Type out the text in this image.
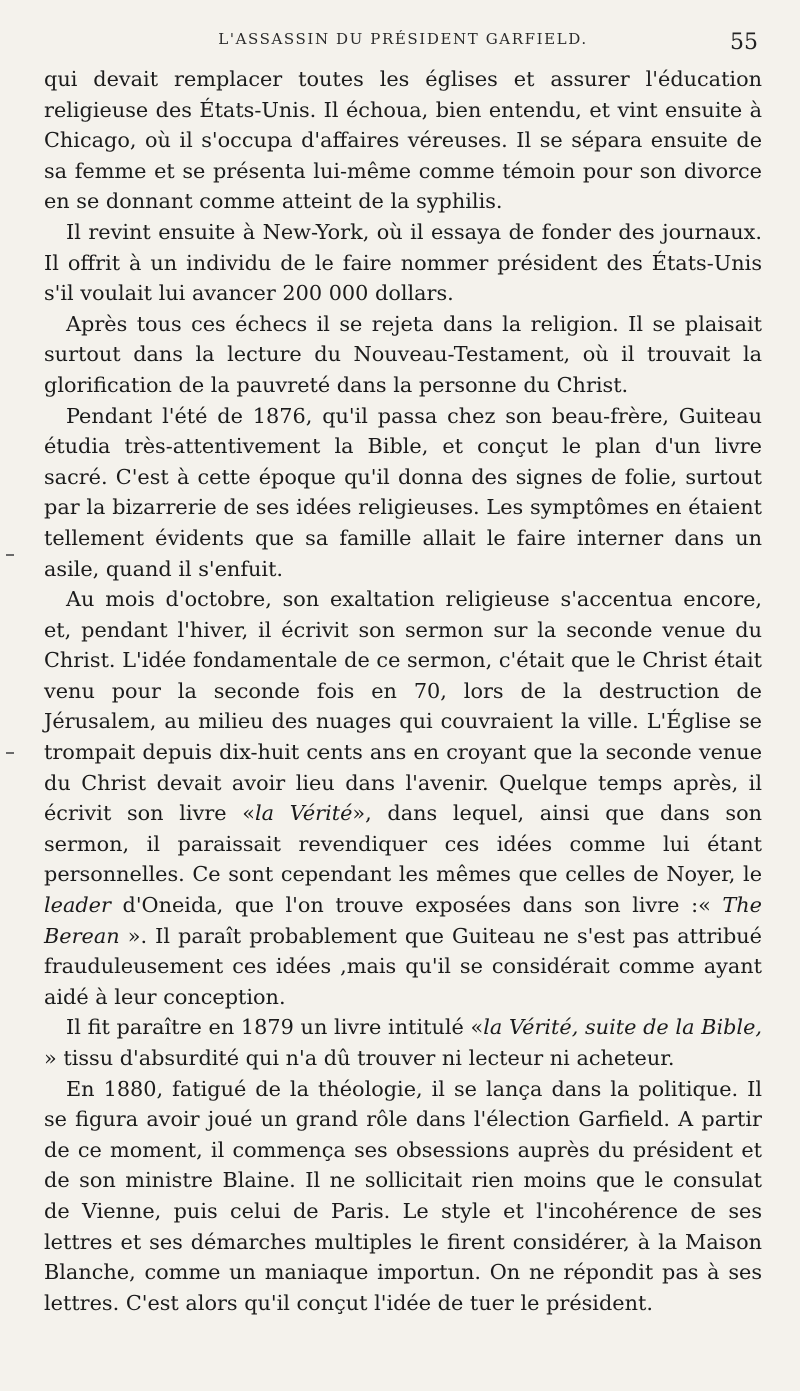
L'ASSASSIN DU PRÉSIDENT GARFIELD.	55

qui devait remplacer toutes les églises et assurer l'éducation religieuse des États-Unis. Il échoua, bien entendu, et vint ensuite à Chicago, où il s'occupa d'affaires véreuses. Il se sépara ensuite de sa femme et se présenta lui-même comme témoin pour son divorce en se donnant comme atteint de la syphilis.

Il revint ensuite à New-York, où il essaya de fonder des journaux. Il offrit à un individu de le faire nommer président des États-Unis s'il voulait lui avancer 200 000 dollars.

Après tous ces échecs il se rejeta dans la religion. Il se plaisait surtout dans la lecture du Nouveau-Testament, où il trouvait la glorification de la pauvreté dans la personne du Christ.

Pendant l'été de 1876, qu'il passa chez son beau-frère, Guiteau étudia très-attentivement la Bible, et conçut le plan d'un livre sacré. C'est à cette époque qu'il donna des signes de folie, surtout par la bizarrerie de ses idées religieuses. Les symptômes en étaient tellement évidents que sa famille allait le faire interner dans un asile, quand il s'enfuit.

Au mois d'octobre, son exaltation religieuse s'accentua encore, et, pendant l'hiver, il écrivit son sermon sur la seconde venue du Christ. L'idée fondamentale de ce sermon, c'était que le Christ était venu pour la seconde fois en 70, lors de la destruction de Jérusalem, au milieu des nuages qui couvraient la ville. L'Église se trompait depuis dix-huit cents ans en croyant que la seconde venue du Christ devait avoir lieu dans l'avenir. Quelque temps après, il écrivit son livre «la Vérité», dans lequel, ainsi que dans son sermon, il paraissait revendiquer ces idées comme lui étant personnelles. Ce sont cependant les mêmes que celles de Noyer, le leader d'Oneida, que l'on trouve exposées dans son livre :« The Berean ». Il paraît probablement que Guiteau ne s'est pas attribué frauduleusement ces idées ,mais qu'il se considérait comme ayant aidé à leur conception.

Il fit paraître en 1879 un livre intitulé «la Vérité, suite de la Bible, » tissu d'absurdité qui n'a dû trouver ni lecteur ni acheteur.

En 1880, fatigué de la théologie, il se lança dans la politique. Il se figura avoir joué un grand rôle dans l'élection Garfield. A partir de ce moment, il commença ses obsessions auprès du président et de son ministre Blaine. Il ne sollicitait rien moins que le consulat de Vienne, puis celui de Paris. Le style et l'incohérence de ses lettres et ses démarches multiples le firent considérer, à la Maison Blanche, comme un maniaque importun. On ne répondit pas à ses lettres. C'est alors qu'il conçut l'idée de tuer le président.
